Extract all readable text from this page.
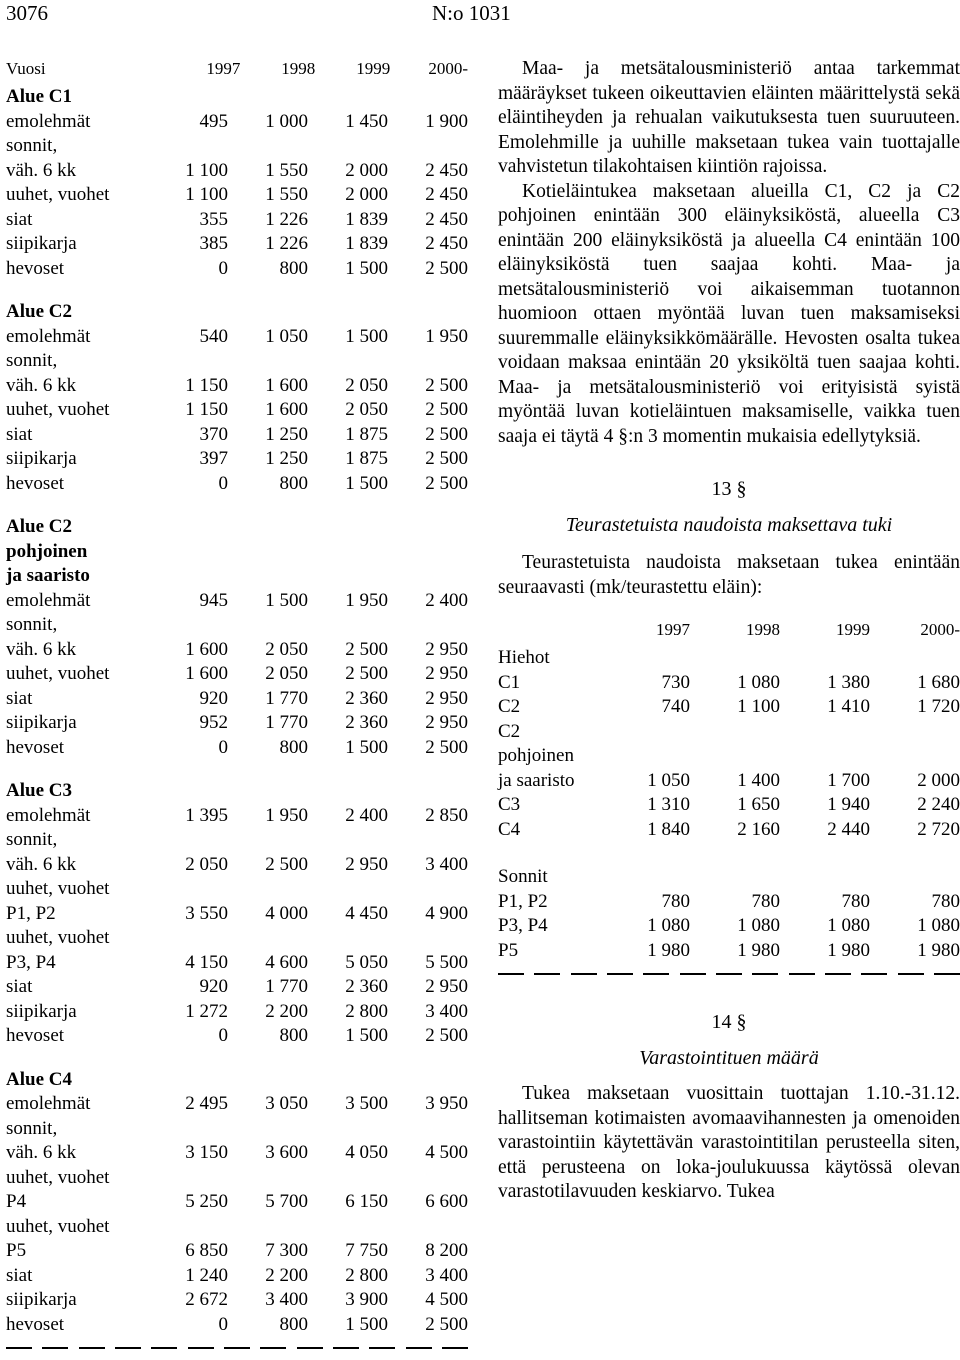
3076	N:o 1031
Vuosi	1997	1998	1999	2000-
Alue C1
emolehmät	495	1 000	1 450	1 900
sonnit,
väh. 6 kk	1 100	1 550	2 000	2 450
uuhet, vuohet	1 100	1 550	2 000	2 450
siat	355	1 226	1 839	2 450
siipikarja	385	1 226	1 839	2 450
hevoset	0	800	1 500	2 500
Alue C2
emolehmät	540	1 050	1 500	1 950
sonnit,
väh. 6 kk	1 150	1 600	2 050	2 500
uuhet, vuohet	1 150	1 600	2 050	2 500
siat	370	1 250	1 875	2 500
siipikarja	397	1 250	1 875	2 500
hevoset	0	800	1 500	2 500
Alue C2
pohjoinen
ja saaristo
emolehmät	945	1 500	1 950	2 400
sonnit,
väh. 6 kk	1 600	2 050	2 500	2 950
uuhet, vuohet	1 600	2 050	2 500	2 950
siat	920	1 770	2 360	2 950
siipikarja	952	1 770	2 360	2 950
hevoset	0	800	1 500	2 500
Alue C3
emolehmät	1 395	1 950	2 400	2 850
sonnit,
väh. 6 kk	2 050	2 500	2 950	3 400
uuhet, vuohet
P1, P2	3 550	4 000	4 450	4 900
uuhet, vuohet
P3, P4	4 150	4 600	5 050	5 500
siat	920	1 770	2 360	2 950
siipikarja	1 272	2 200	2 800	3 400
hevoset	0	800	1 500	2 500
Alue C4
emolehmät	2 495	3 050	3 500	3 950
sonnit,
väh. 6 kk	3 150	3 600	4 050	4 500
uuhet, vuohet
P4	5 250	5 700	6 150	6 600
uuhet, vuohet
P5	6 850	7 300	7 750	8 200
siat	1 240	2 200	2 800	3 400
siipikarja	2 672	3 400	3 900	4 500
hevoset	0	800	1 500	2 500

Maa- ja metsätalousministeriö antaa tarkemmat määräykset tukeen oikeuttavien eläinten määrittelystä sekä eläintiheyden ja rehualan vaikutuksesta tuen suuruuteen. Emolehmille ja uuhille maksetaan tukea vain tuottajalle vahvistetun tilakohtaisen kiintiön rajoissa.

Kotieläintukea maksetaan alueilla C1, C2 ja C2 pohjoinen enintään 300 eläinyksiköstä, alueella C3 enintään 200 eläinyksiköstä ja alueella C4 enintään 100 eläinyksiköstä tuen saajaa kohti. Maa- ja metsätalousministeriö voi aikaisemman tuotannon huomioon ottaen myöntää luvan tuen maksamiseksi suuremmalle eläinyksikkömäärälle. Hevosten osalta tukea voidaan maksaa enintään 20 yksiköltä tuen saajaa kohti. Maa- ja metsätalousministeriö voi erityisistä syistä myöntää luvan kotieläintuen maksamiselle, vaikka tuen saaja ei täytä 4 §:n 3 momentin mukaisia edellytyksiä.

13 §
Teurastetuista naudoista maksettava tuki

Teurastetuista naudoista maksetaan tukea enintään seuraavasti (mk/teurastettu eläin):

1997	1998	1999	2000-
Hiehot
C1	730	1 080	1 380	1 680
C2	740	1 100	1 410	1 720
C2
pohjoinen
ja saaristo	1 050	1 400	1 700	2 000
C3	1 310	1 650	1 940	2 240
C4	1 840	2 160	2 440	2 720
Sonnit
P1, P2	780	780	780	780
P3, P4	1 080	1 080	1 080	1 080
P5	1 980	1 980	1 980	1 980
14 §
Varastointituen määrä

Tukea maksetaan vuosittain tuottajan 1.10.-31.12. hallitseman kotimaisten avomaavihannesten ja omenoiden varastointiin käytettävän varastointitilan perusteella siten, että perusteena on loka-joulukuussa käytössä olevan varastotilavuuden keskiarvo. Tukea
